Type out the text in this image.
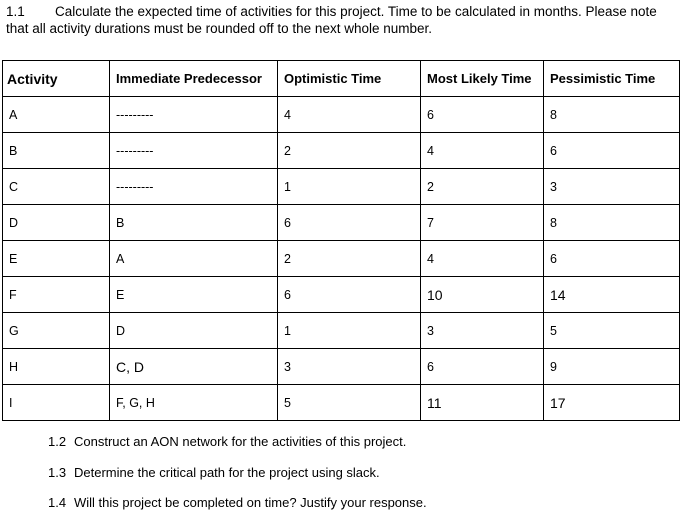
1.1 Calculate the expected time of activities for this project. Time to be calculated in months. Please note that all activity durations must be rounded off to the next whole number.
Activity	Immediate Predecessor	Optimistic Time	Most Likely Time	Pessimistic Time
A	---------	4	6	8
B	---------	2	4	6
C	---------	1	2	3
D	B	6	7	8
E	A	2	4	6
F	E	6	10	14
G	D	1	3	5
H	C, D	3	6	9
I	F, G, H	5	11	17
1.2 Construct an AON network for the activities of this project.
1.3 Determine the critical path for the project using slack.
1.4 Will this project be completed on time? Justify your response.
